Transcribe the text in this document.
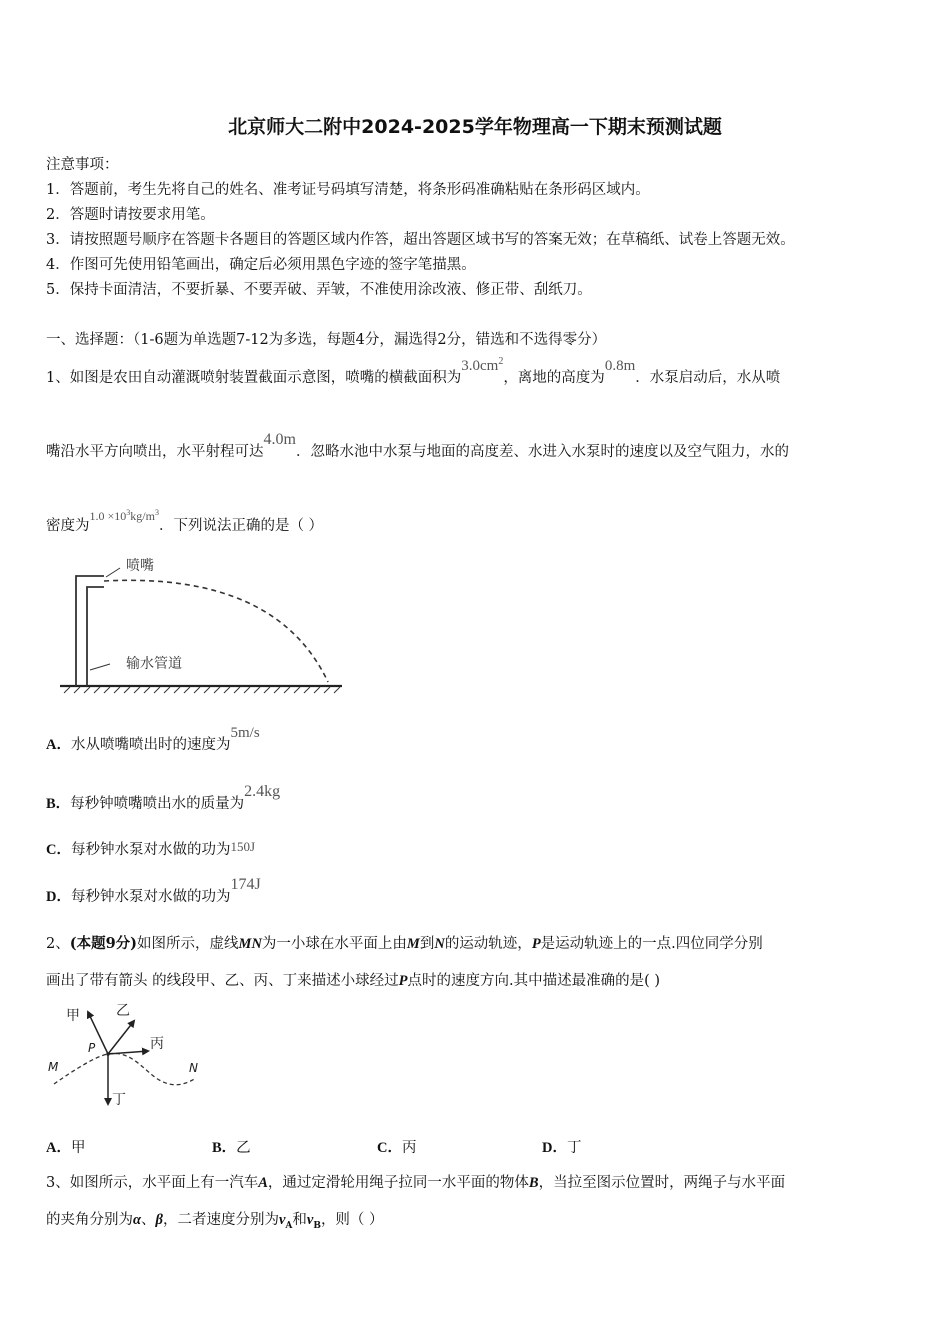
北京师大二附中2024-2025学年物理高一下期末预测试题
注意事项：
1．答题前，考生先将自己的姓名、准考证号码填写清楚，将条形码准确粘贴在条形码区域内。
2．答题时请按要求用笔。
3．请按照题号顺序在答题卡各题目的答题区域内作答，超出答题区域书写的答案无效；在草稿纸、试卷上答题无效。
4．作图可先使用铅笔画出，确定后必须用黑色字迹的签字笔描黑。
5．保持卡面清洁，不要折暴、不要弄破、弄皱，不准使用涂改液、修正带、刮纸刀。
一、选择题：（1-6题为单选题7-12为多选，每题4分，漏选得2分，错选和不选得零分）
1、如图是农田自动灌溉喷射装置截面示意图，喷嘴的横截面积为$3.0cm^2$，离地的高度为0.8m．水泵启动后，水从喷
嘴沿水平方向喷出，水平射程可达4.0m．忽略水池中水泵与地面的高度差、水进入水泵时的速度以及空气阻力，水的
密度为$1.0 \times 10^3kg/m^3$．下列说法正确的是（ ）
喷嘴
输水管道
A．水从喷嘴喷出时的速度为5m/s
B．每秒钟喷嘴喷出水的质量为2.4kg
C．每秒钟水泵对水做的功为150J
D．每秒钟水泵对水做的功为174J
2、(本题9分)如图所示，虚线MN为一小球在水平面上由M到N的运动轨迹，P是运动轨迹上的一点.四位同学分别
画出了带有箭头 的线段甲、乙、丙、丁来描述小球经过P点时的速度方向.其中描述最准确的是( )
甲	乙
丙
丁
P
M	N
A．甲	B．乙	C．丙	D．丁
3、如图所示，水平面上有一汽车A，通过定滑轮用绳子拉同一水平面的物体B，当拉至图示位置时，两绳子与水平面
的夹角分别为α、β，二者速度分别为$v_A$和$v_B$，则（ ）
